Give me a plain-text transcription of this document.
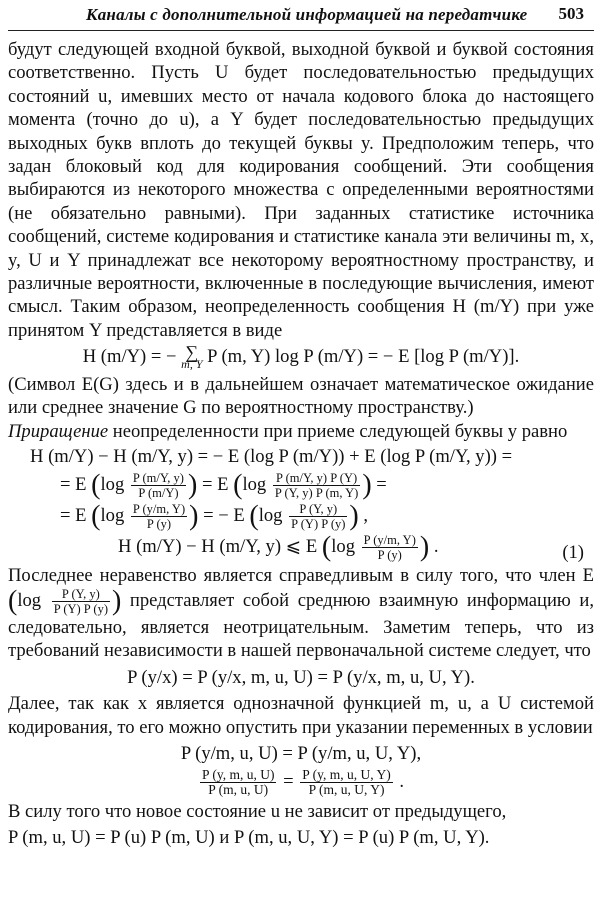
Каналы с дополнительной информацией на передатчике 503

будут следующей входной буквой, выходной буквой и буквой состояния соответственно. Пусть U будет последовательностью предыдущих состояний u, имевших место от начала кодового блока до настоящего момента (точно до u), а Y будет последовательностью предыдущих выходных букв вплоть до текущей буквы y. Предположим теперь, что задан блоковый код для кодирования сообщений. Эти сообщения выбираются из некоторого множества с определенными вероятностями (не обязательно равными). При заданных статистике источника сообщений, системе кодирования и статистике канала эти величины m, x, y, U и Y принадлежат все некоторому вероятностному пространству, и различные вероятности, включенные в последующие вычисления, имеют смысл. Таким образом, неопределенность сообщения H (m/Y) при уже принятом Y представляется в виде

H (m/Y) = − ∑
m, Y P (m, Y) log P (m/Y) = − E [log P (m/Y)].

(Символ E(G) здесь и в дальнейшем означает математическое ожидание или среднее значение G по вероятностному пространству.)

Приращение неопределенности при приеме следующей буквы y равно

H (m/Y) − H (m/Y, y) = − E (log P (m/Y)) + E (log P (m/Y, y)) =
= E ($\log \frac{P (m/Y, y)}{P (m/Y)}$ ) = E ($\log \frac{P (m/Y, y) P (Y)}{P (Y, y) P (m, Y)}$ ) =
= E ($\log \frac{P (y/m, Y)}{P (y)}$ ) = − E ($\log \frac{P (Y, y)}{P (Y) P (y)}$ ) ,
H (m/Y) − H (m/Y, y) ⩽ E ($\log \frac{P (y/m, Y)}{P (y)}$ ) .	(1)

Последнее неравенство является справедливым в силу того, что член E ($\log \frac{P (Y, y)}{P (Y) P (y)}$ ) представляет собой среднюю взаимную информацию и, следовательно, является неотрицательным. Заметим теперь, что из требований независимости в нашей первоначальной системе следует, что

P (y/x) = P (y/x, m, u, U) = P (y/x, m, u, U, Y).

Далее, так как x является однозначной функцией m, u, а U системой кодирования, то его можно опустить при указании переменных в условии

P (y/m, u, U) = P (y/m, u, U, Y),
$\frac{P (y, m, u, U)}{P (m, u, U)} = \frac{P (y, m, u, U, Y)}{P (m, u, U, Y)}$ .

В силу того что новое состояние u не зависит от предыдущего,

P (m, u, U) = P (u) P (m, U) и P (m, u, U, Y) = P (u) P (m, U, Y).
